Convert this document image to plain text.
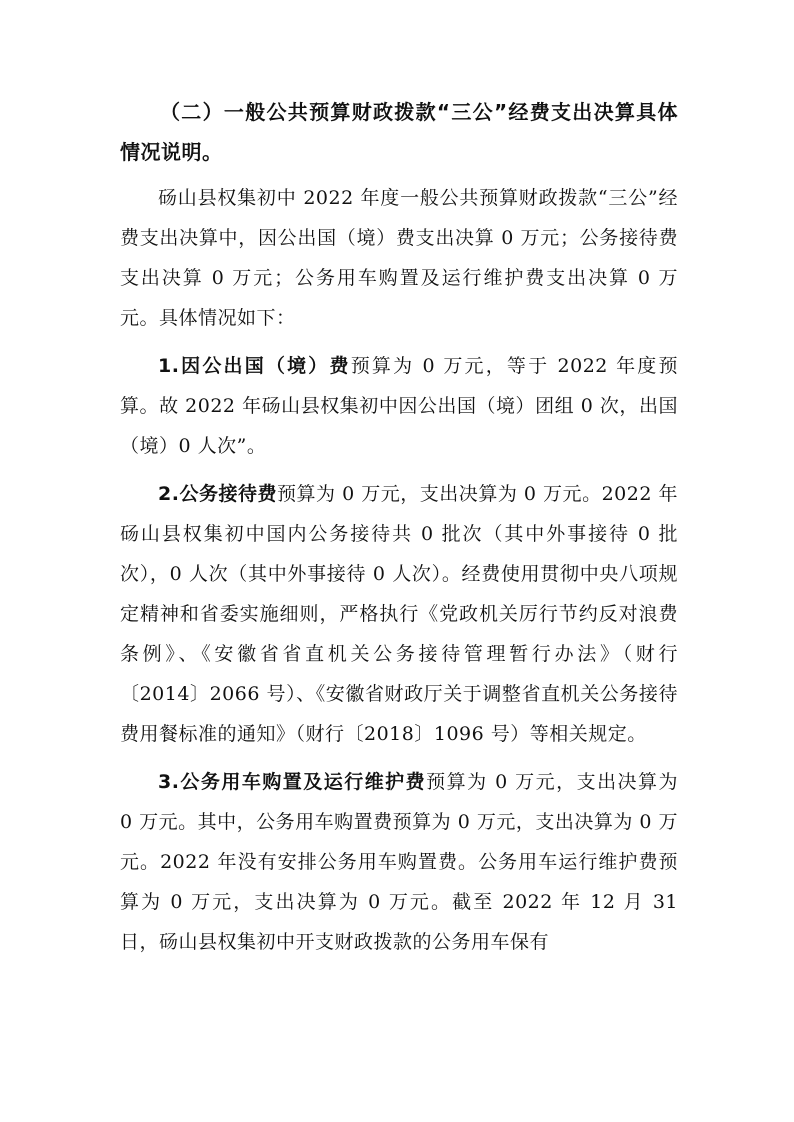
（二）一般公共预算财政拨款“三公”经费支出决算具体情况说明。

砀山县权集初中 2022 年度一般公共预算财政拨款“三公”经费支出决算中，因公出国（境）费支出决算 0 万元；公务接待费支出决算 0 万元；公务用车购置及运行维护费支出决算 0 万元。具体情况如下：

1.因公出国（境）费预算为 0 万元，等于 2022 年度预算。故 2022 年砀山县权集初中因公出国（境）团组 0 次，出国（境）0 人次”。

2.公务接待费预算为 0 万元，支出决算为 0 万元。2022 年砀山县权集初中国内公务接待共 0 批次（其中外事接待 0 批次），0 人次（其中外事接待 0 人次）。经费使用贯彻中央八项规定精神和省委实施细则，严格执行《党政机关厉行节约反对浪费条例》、《安徽省省直机关公务接待管理暂行办法》（财行〔2014〕2066 号）、《安徽省财政厅关于调整省直机关公务接待费用餐标准的通知》（财行〔2018〕1096 号）等相关规定。

3.公务用车购置及运行维护费预算为 0 万元，支出决算为　0 万元。其中，公务用车购置费预算为 0 万元，支出决算为 0 万元。2022 年没有安排公务用车购置费。公务用车运行维护费预算为 0 万元，支出决算为 0 万元。截至 2022 年 12 月 31 日，砀山县权集初中开支财政拨款的公务用车保有
